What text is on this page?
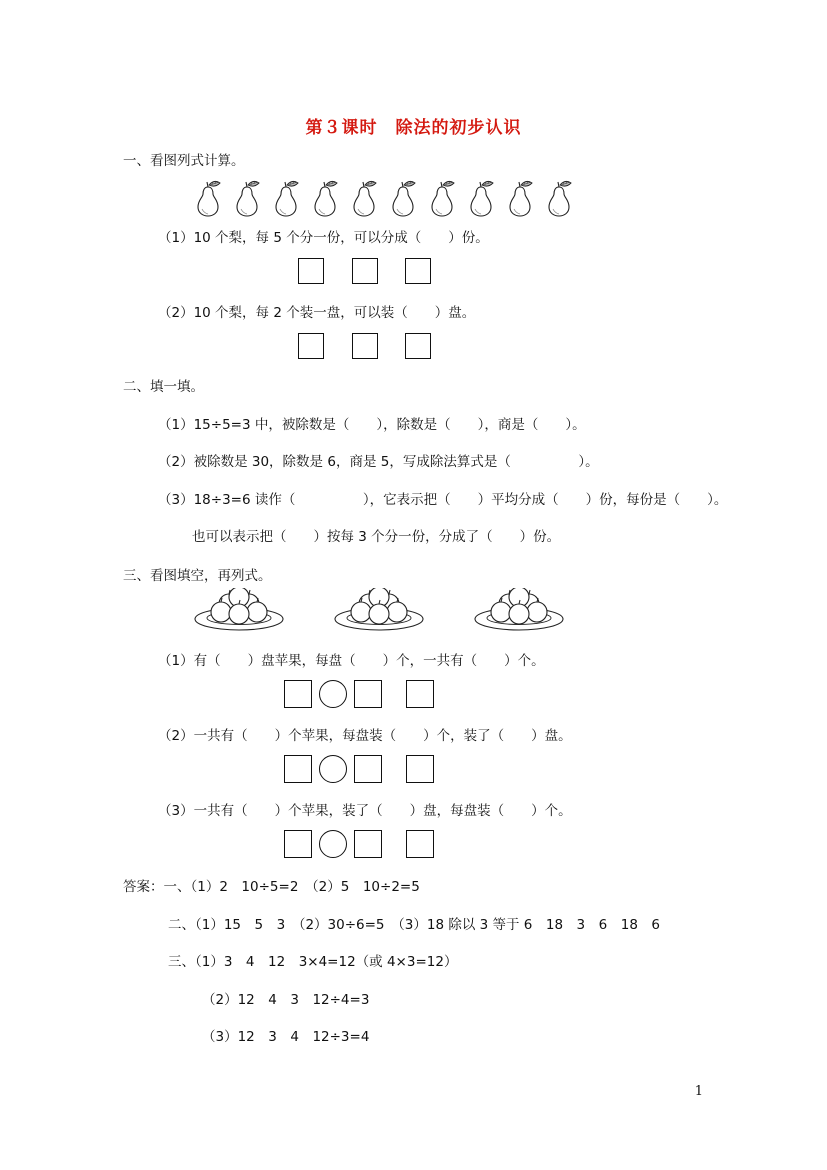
第３课时　除法的初步认识
一、看图列式计算。
（1）10 个梨，每 5 个分一份，可以分成（　　）份。
（2）10 个梨，每 2 个装一盘，可以装（　　）盘。
二、填一填。
（1）15÷5=3 中，被除数是（　　），除数是（　　），商是（　　）。
（2）被除数是 30，除数是 6，商是 5，写成除法算式是（　　　　　）。
（3）18÷3=6 读作（　　　　　），它表示把（　　）平均分成（　　）份，每份是（　　）。
也可以表示把（　　）按每 3 个分一份，分成了（　　）份。
三、看图填空，再列式。
（1）有（　　）盘苹果，每盘（　　）个，一共有（　　）个。
（2）一共有（　　）个苹果，每盘装（　　）个，装了（　　）盘。
（3）一共有（　　）个苹果，装了（　　）盘，每盘装（　　）个。
答案：一、（1）2　10÷5=2　（2）5　10÷2=5
二、（1）15　5　3　（2）30÷6=5　（3）18 除以 3 等于 6　18　3　6　18　6
三、（1）3　4　12　3×4=12（或 4×3=12）
（2）12　4　3　12÷4=3
（3）12　3　4　12÷3=4
1
